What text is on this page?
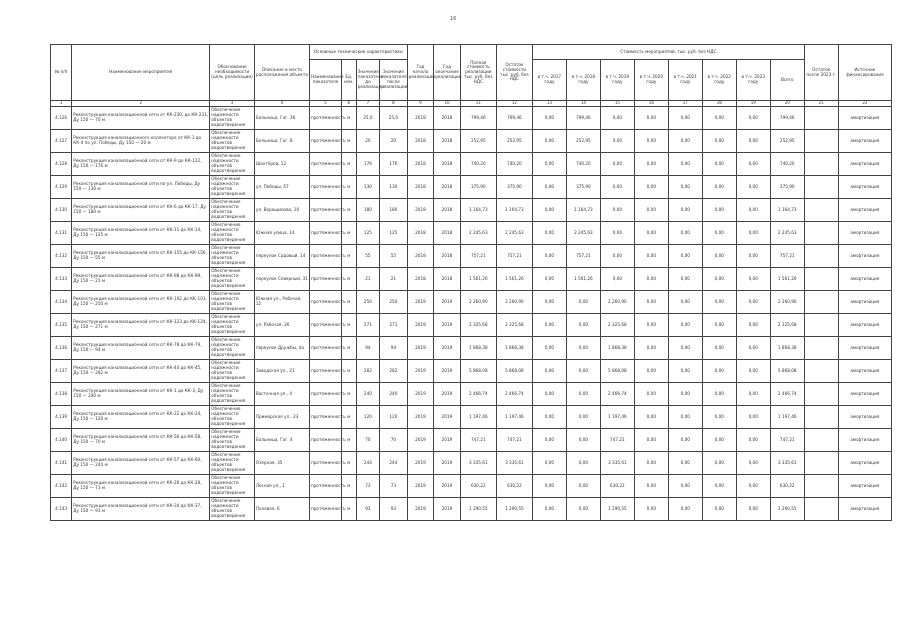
16
№ п/п	Наименование мероприятия	Обоснование необходимости (цель реализации)	Описание и место расположения объекта	Основные технические характеристики				Год начала реализации	Год окончания реализации	Полная стоимость реализации тыс. руб. без НДС	Остаток стоимости тыс. руб. без НДС	Стоимость мероприятий, тыс. руб. без НДС								Остаток после 2023 г.	Источник финансирования
				Наименование показателя	Ед. изм.	Значение показателя до реализации	Значение показателя после реализации					в т.ч. 2017 году	в т.ч. 2018 году	в т.ч. 2019 году	в т.ч. 2020 году	в т.ч. 2021 году	в т.ч. 2022 году	в т.ч. 2023 году	Всего		

1	2	3	4	5	6	7	8	9	10	11	12	13	14	15	16	17	18	19	20	21	22
4.126	Реконструкция канализационной сети от КК-230, до КК-231, Ду 150 — 70 м	Обеспечение надежности объектов водоотведения	Больница, Гаг. 36	протяженность	м	25,0	25,0	2018	2018	799,46	799,46	0,00	799,46	0,00	0,00	0,00	0,00	0,00	799,46		амортизация
4.127	Реконструкция канализационного коллектора от КК-1 до КК-4 по ул. Победы, Ду 150 — 20 м	Обеспечение надежности объектов водоотведения	Больница, Гаг. 8	протяженность	м	20	20	2018	2018	252,95	252,95	0,00	252,95	0,00	0,00	0,00	0,00	0,00	252,95		амортизация
4.128	Реконструкция канализационной сети от КК-9 до КК-122, Ду 150 — 176 м	Обеспечение надежности объектов водоотведения	Шахтёров, 12	протяженность	м	176	176	2018	2018	740,20	740,20	0,00	740,20	0,00	0,00	0,00	0,00	0,00	740,20		амортизация
4.129	Реконструкция канализационной сети по ул. Победы, Ду 150 — 130 м	Обеспечение надежности объектов водоотведения	ул. Победы, 57	протяженность	м	130	130	2018	2018	375,90	375,90	0,00	375,90	0,00	0,00	0,00	0,00	0,00	375,90		амортизация
4.130	Реконструкция канализационной сети от КК-6 до КК-17, Ду 150 — 180 м	Обеспечение надежности объектов водоотведения	ул. Ворошилова, 10	протяженность	м	180	180	2018	2018	1 164,73	1 164,73	0,00	1 164,73	0,00	0,00	0,00	0,00	0,00	1 164,73		амортизация
4.131	Реконструкция канализационной сети от КК-11 до КК-14, Ду 150 — 125 м	Обеспечение надежности объектов водоотведения	Южная улица, 14	протяженность	м	125	125	2018	2018	2 245,63	2 245,63	0,00	2 245,63	0,00	0,00	0,00	0,00	0,00	2 245,63		амортизация
4.132	Реконструкция канализационной сети от КК-155 до КК-156, Ду 150 — 55 м	Обеспечение надежности объектов водоотведения	переулок Садовый, 14	протяженность	м	55	55	2018	2018	757,21	757,21	0,00	757,21	0,00	0,00	0,00	0,00	0,00	757,21		амортизация
4.133	Реконструкция канализационной сети от КК-98 до КК-99, Ду 150 — 21 м	Обеспечение надежности объектов водоотведения	переулок Северный, 31	протяженность	м	21	21	2018	2018	1 561,26	1 561,26	0,00	1 561,26	0,00	0,00	0,00	0,00	0,00	1 561,26		амортизация
4.134	Реконструкция канализационной сети от КК-102 до КК-103, Ду 150 — 250 м	Обеспечение надежности объектов водоотведения	Южная ул., Рабочая, 12	протяженность	м	250	250	2019	2019	2 260,90	2 260,90	0,00	0,00	2 260,90	0,00	0,00	0,00	0,00	2 260,90		амортизация
4.135	Реконструкция канализационной сети от КК-123 до КК-124, Ду 150 — 271 м	Обеспечение надежности объектов водоотведения	ул. Рабочая, 26	протяженность	м	271	271	2019	2019	2 325,68	2 325,68	0,00	0,00	2 325,68	0,00	0,00	0,00	0,00	2 325,68		амортизация
4.136	Реконструкция канализационной сети от КК-78 до КК-79, Ду 150 — 94 м	Обеспечение надежности объектов водоотведения	переулок Дружбы, 4а	протяженность	м	94	94	2019	2019	1 868,38	1 868,38	0,00	0,00	1 868,38	0,00	0,00	0,00	0,00	1 868,38		амортизация
4.137	Реконструкция канализационной сети от КК-44 до КК-45, Ду 150 — 282 м	Обеспечение надежности объектов водоотведения	Заводская ул., 21	протяженность	м	282	282	2019	2019	5 868,08	5 868,08	0,00	0,00	5 868,08	0,00	0,00	0,00	0,00	5 868,08		амортизация
4.138	Реконструкция канализационной сети от КК-1 до КК-3, Ду 150 — 240 м	Обеспечение надежности объектов водоотведения	Восточная ул., 4	протяженность	м	240	240	2019	2019	2 466,74	2 466,74	0,00	0,00	2 466,74	0,00	0,00	0,00	0,00	2 466,74		амортизация
4.139	Реконструкция канализационной сети от КК-22 до КК-24, Ду 150 — 120 м	Обеспечение надежности объектов водоотведения	Приморская ул., 23	протяженность	м	120	120	2019	2019	1 197,46	1 197,46	0,00	0,00	1 197,46	0,00	0,00	0,00	0,00	1 197,46		амортизация
4.140	Реконструкция канализационной сети от КК-56 до КК-58, Ду 150 — 70 м	Обеспечение надежности объектов водоотведения	Больница, Гаг. 4	протяженность	м	70	70	2019	2019	747,21	747,21	0,00	0,00	747,21	0,00	0,00	0,00	0,00	747,21		амортизация
4.141	Реконструкция канализационной сети от КК-57 до КК-60, Ду 150 — 244 м	Обеспечение надежности объектов водоотведения	Озерная, 35	протяженность	м	244	244	2019	2019	3 335,61	3 335,61	0,00	0,00	3 335,61	0,00	0,00	0,00	0,00	3 335,61		амортизация
4.142	Реконструкция канализационной сети от КК-26 до КК-28, Ду 150 — 73 м	Обеспечение надежности объектов водоотведения	Лесная ул., 1	протяженность	м	73	73	2019	2019	630,22	630,22	0,00	0,00	630,22	0,00	0,00	0,00	0,00	630,22		амортизация
4.143	Реконструкция канализационной сети от КК-34 до КК-37, Ду 150 — 93 м	Обеспечение надежности объектов водоотведения	Полевая, 6	протяженность	м	93	93	2019	2019	1 290,55	1 290,55	0,00	0,00	1 290,55	0,00	0,00	0,00	0,00	1 290,55		амортизация
